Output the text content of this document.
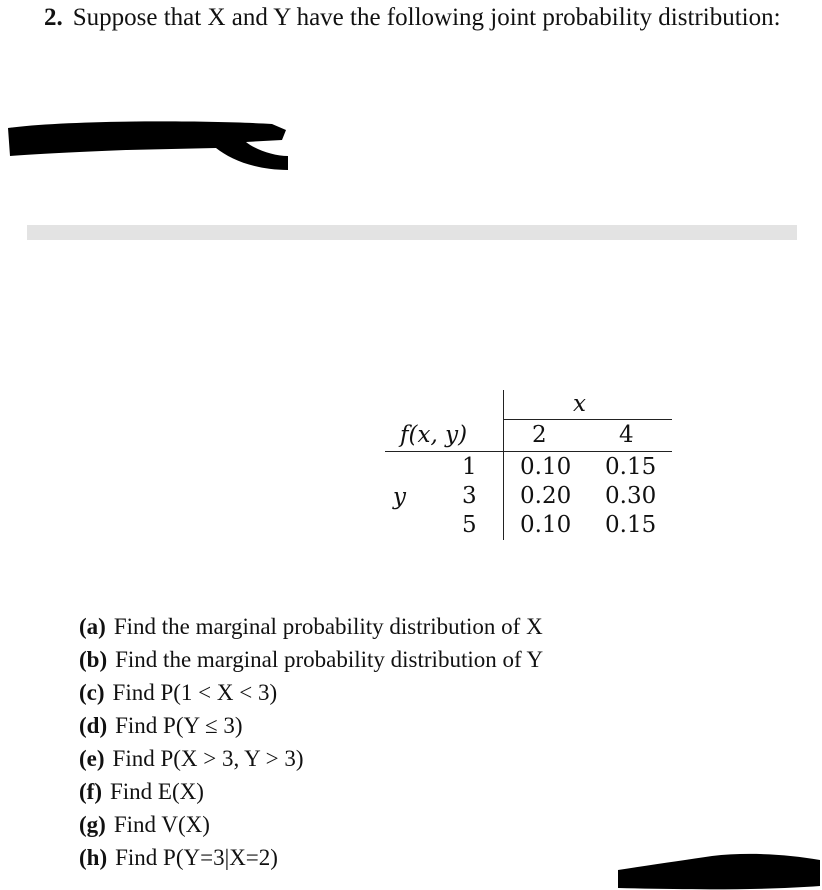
2. Suppose that X and Y have the following joint probability distribution:
x
f(x, y)	2	4
y
1 0.10 0.15
3 0.20 0.30
5 0.10 0.15
(a) Find the marginal probability distribution of X
(b) Find the marginal probability distribution of Y
(c) Find P(1 < X < 3)
(d) Find P(Y ≤ 3)
(e) Find P(X > 3, Y > 3)
(f) Find E(X)
(g) Find V(X)
(h) Find P(Y=3|X=2)
